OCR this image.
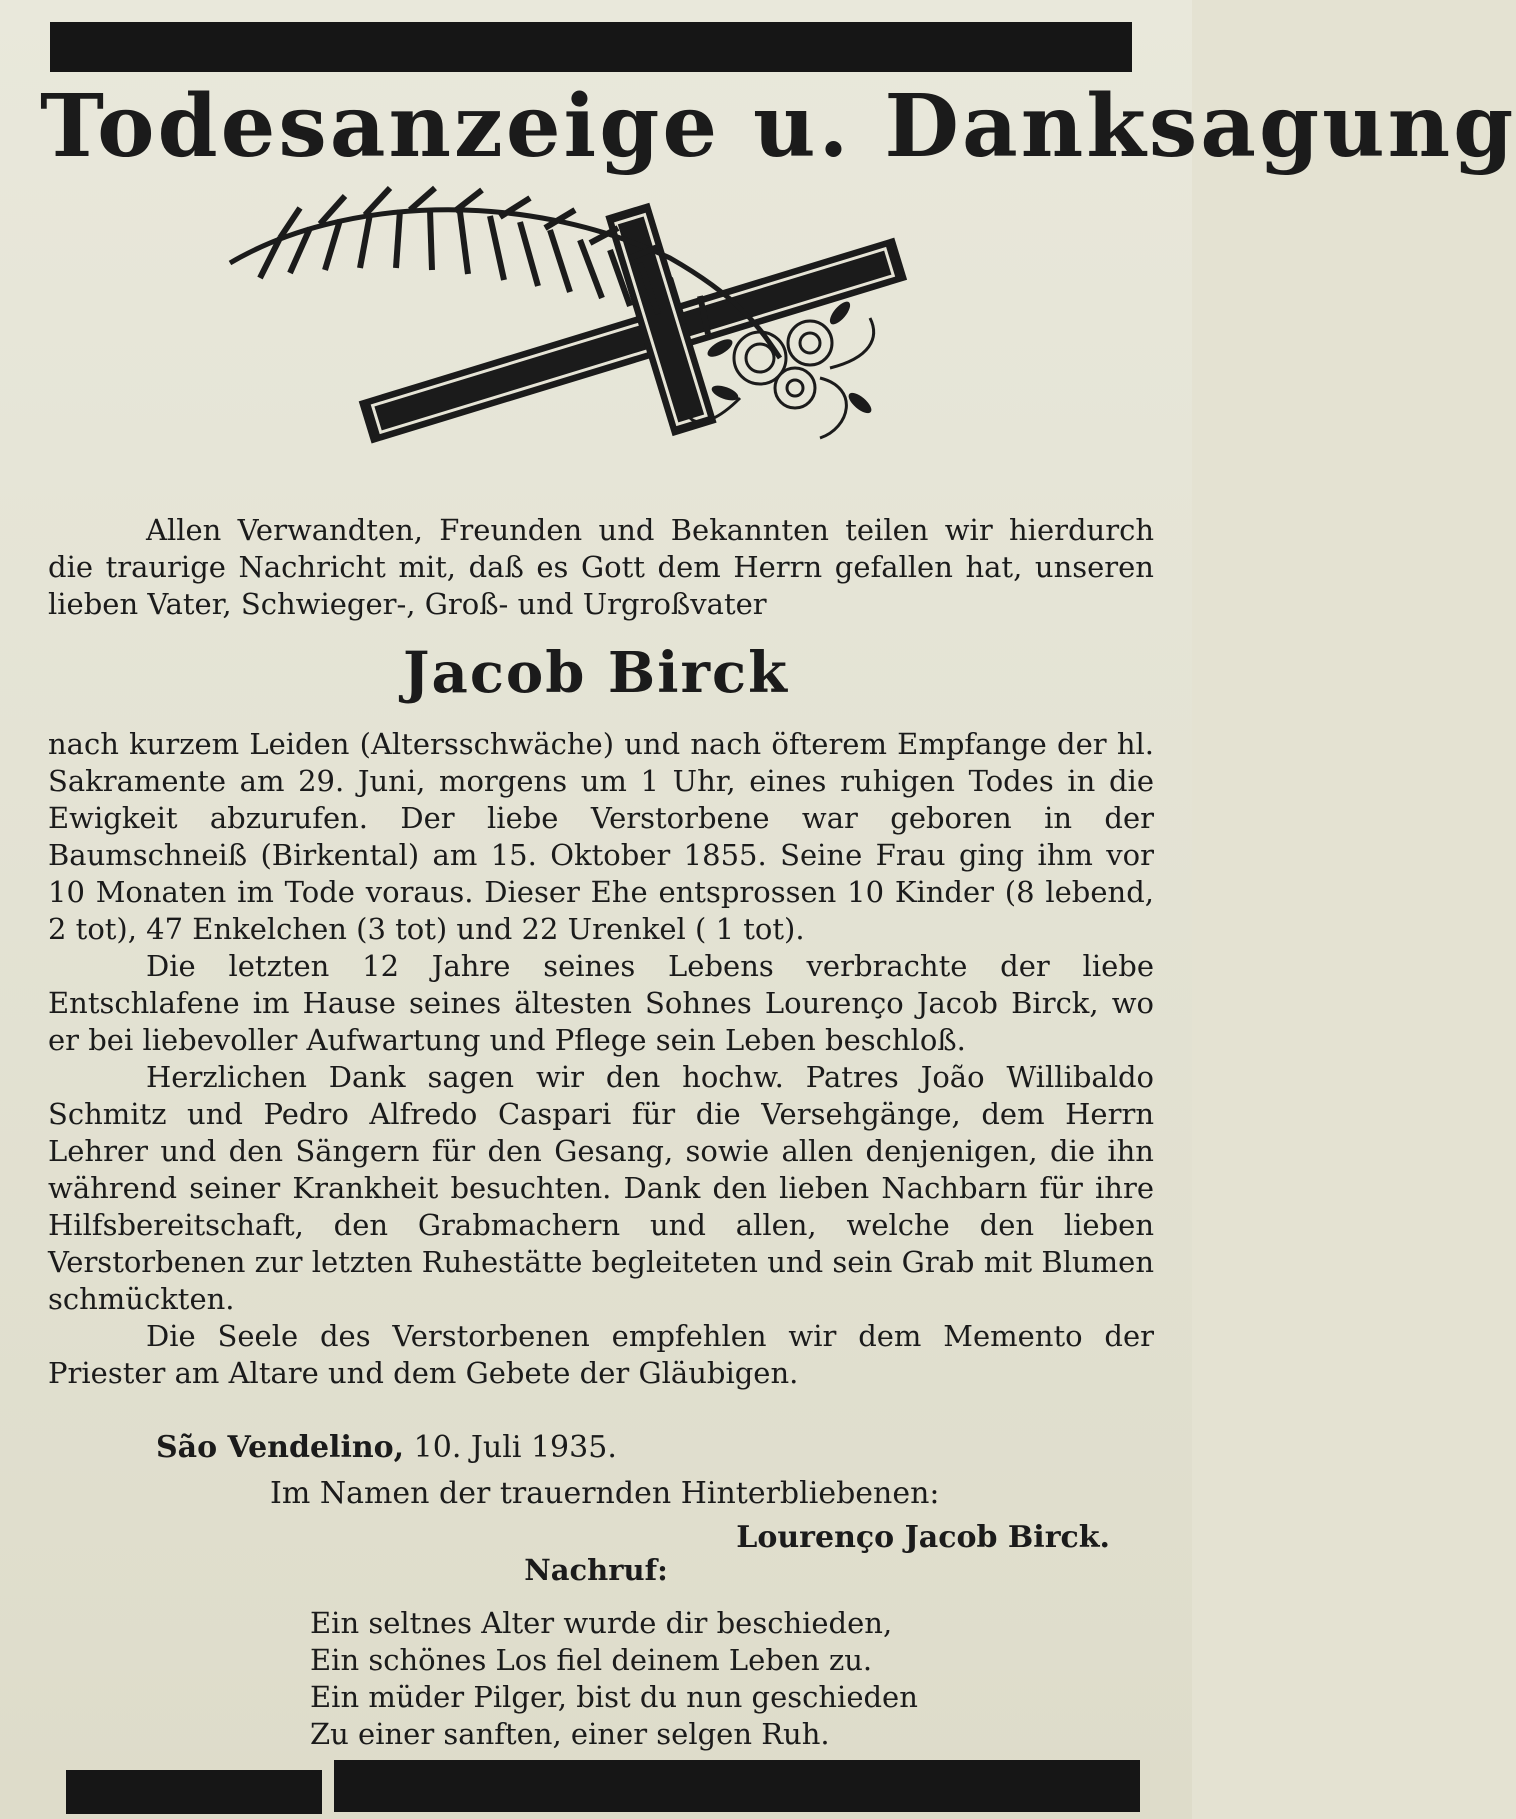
Todesanzeige u. Danksagung
Allen Verwandten, Freunden und Bekannten teilen wir hierdurch die traurige Nachricht mit, daß es Gott dem Herrn gefallen hat, unseren lieben Vater, Schwieger-, Groß- und Urgroßvater
Jacob Birck

nach kurzem Leiden (Altersschwäche) und nach öfterem Empfange der hl. Sakramente am 29. Juni, morgens um 1 Uhr, eines ruhigen Todes in die Ewigkeit abzurufen. Der liebe Verstorbene war geboren in der Baumschneiß (Birkental) am 15. Oktober 1855. Seine Frau ging ihm vor 10 Monaten im Tode voraus. Dieser Ehe entsprossen 10 Kinder (8 lebend, 2 tot), 47 Enkelchen (3 tot) und 22 Urenkel ( 1 tot).

Die letzten 12 Jahre seines Lebens verbrachte der liebe Entschlafene im Hause seines ältesten Sohnes Lourenço Jacob Birck, wo er bei liebevoller Aufwartung und Pflege sein Leben beschloß.

Herzlichen Dank sagen wir den hochw. Patres João Willibaldo Schmitz und Pedro Alfredo Caspari für die Versehgänge, dem Herrn Lehrer und den Sängern für den Gesang, sowie allen denjenigen, die ihn während seiner Krankheit besuchten. Dank den lieben Nachbarn für ihre Hilfsbereitschaft, den Grabmachern und allen, welche den lieben Verstorbenen zur letzten Ruhestätte begleiteten und sein Grab mit Blumen schmückten.

Die Seele des Verstorbenen empfehlen wir dem Memento der Priester am Altare und dem Gebete der Gläubigen.

São Vendelino, 10. Juli 1935.
Im Namen der trauernden Hinterbliebenen:
Lourenço Jacob Birck.
Nachruf:
Ein seltnes Alter wurde dir beschieden,
Ein schönes Los fiel deinem Leben zu.
Ein müder Pilger, bist du nun geschieden
Zu einer sanften, einer selgen Ruh.
